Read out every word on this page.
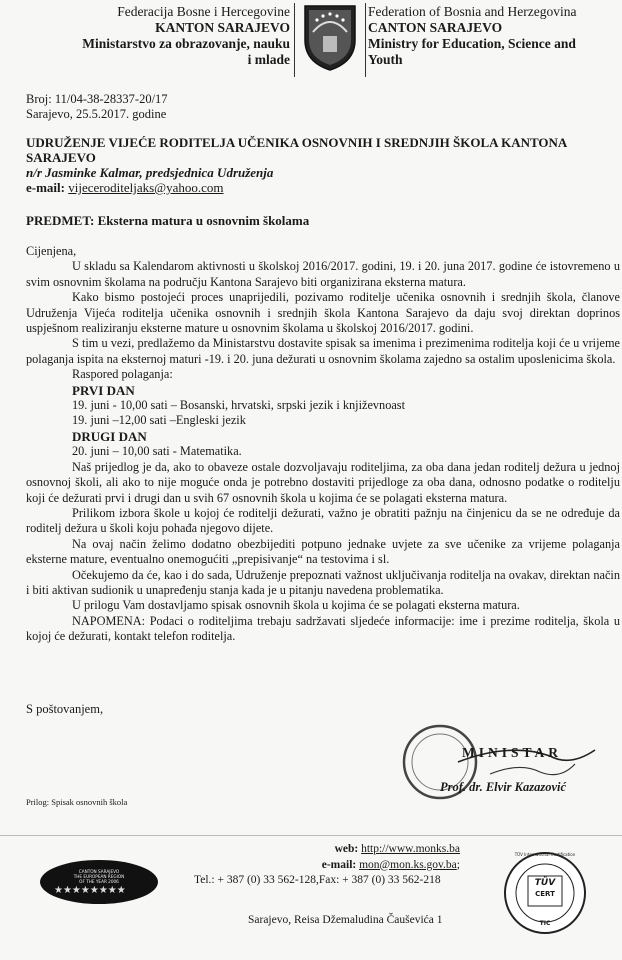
Federacija Bosne i Hercegovine
KANTON SARAJEVO
Ministarstvo za obrazovanje, nauku
i mlade
Federation of Bosnia and Herzegovina
CANTON SARAJEVO
Ministry for Education, Science and
Youth
Broj: 11/04-38-28337-20/17
Sarajevo, 25.5.2017. godine
UDRUŽENJE VIJEĆE RODITELJA UČENIKA OSNOVNIH I SREDNJIH ŠKOLA KANTONA
SARAJEVO
n/r Jasminke Kalmar, predsjednica Udruženja
e-mail: vijeceroditeljaks@yahoo.com
PREDMET: Eksterna matura u osnovnim školama

Cijenjena,

U skladu sa Kalendarom aktivnosti u školskoj 2016/2017. godini, 19. i 20. juna 2017. godine će istovremeno u svim osnovnim školama na području Kantona Sarajevo biti organizirana eksterna matura.

Kako bismo postojeći proces unaprijedili, pozivamo roditelje učenika osnovnih i srednjih škola, članove Udruženja Vijeća roditelja učenika osnovnih i srednjih škola Kantona Sarajevo da daju svoj direktan doprinos uspješnom realiziranju eksterne mature u osnovnim školama u školskoj 2016/2017. godini.

S tim u vezi, predlažemo da Ministarstvu dostavite spisak sa imenima i prezimenima roditelja koji će u vrijeme polaganja ispita na eksternoj maturi -19. i 20. juna dežurati u osnovnim školama zajedno sa ostalim uposlenicima škola.

Raspored polaganja:

PRVI DAN

19. juni - 10,00 sati – Bosanski, hrvatski, srpski jezik i književnoast

19. juni –12,00 sati –Engleski jezik

DRUGI DAN

20. juni – 10,00 sati - Matematika.

Naš prijedlog je da, ako to obaveze ostale dozvoljavaju roditeljima, za oba dana jedan roditelj dežura u jednoj osnovnoj školi, ali ako to nije moguće onda je potrebno dostaviti prijedloge za oba dana, odnosno podatke o roditelju koji će dežurati prvi i drugi dan u svih 67 osnovnih škola u kojima će se polagati eksterna matura.

Prilikom izbora škole u kojoj će roditelji dežurati, važno je obratiti pažnju na činjenicu da se ne određuje da roditelj dežura u školi koju pohađa njegovo dijete.

Na ovaj način želimo dodatno obezbijediti potpuno jednake uvjete za sve učenike za vrijeme polaganja eksterne mature, eventualno onemogućiti „prepisivanje“ na testovima i sl.

Očekujemo da će, kao i do sada, Udruženje prepoznati važnost uključivanja roditelja na ovakav, direktan način i biti aktivan sudionik u unapređenju stanja kada je u pitanju navedena problematika.

U prilogu Vam dostavljamo spisak osnovnih škola u kojima će se polagati eksterna matura.

NAPOMENA: Podaci o roditeljima trebaju sadržavati sljedeće informacije: ime i prezime roditelja, škola u kojoj će dežurati, kontakt telefon roditelja.

S poštovanjem,
MINISTAR
Prof. dr. Elvir Kazazović
Prilog: Spisak osnovnih škola
CANTON SARAJEVO
THE EUROPEAN REGION
OF THE YEAR 2006
★★★★★★★★
web: http://www.monks.ba
e-mail: mon@mon.ks.gov.ba;
Tel.: + 387 (0) 33 562-128,Fax: + 387 (0) 33 562-218
Sarajevo, Reisa Džemaludina Čauševića 1
TÜV
CERT
TÜV International Certification
TIC
